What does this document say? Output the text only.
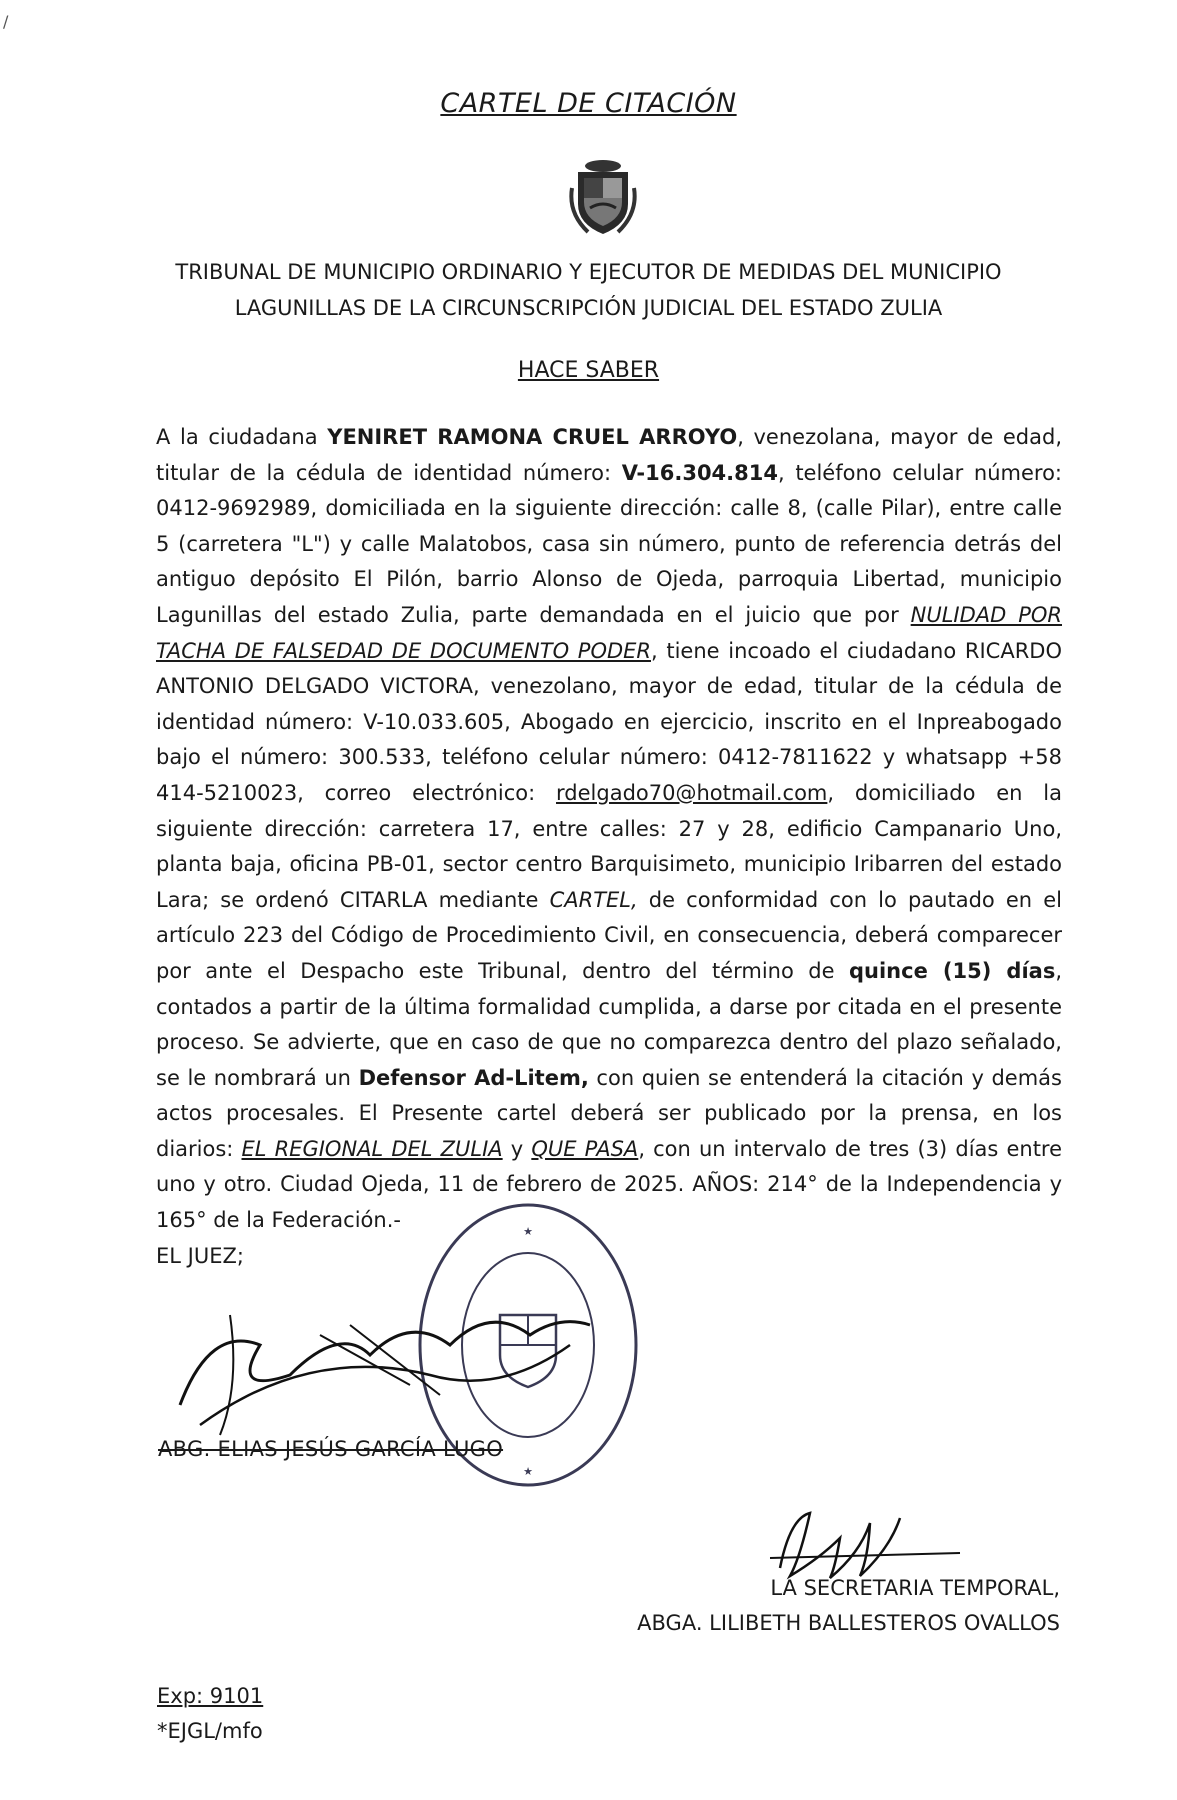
/
CARTEL DE CITACIÓN
TRIBUNAL DE MUNICIPIO ORDINARIO Y EJECUTOR DE MEDIDAS DEL MUNICIPIO
LAGUNILLAS DE LA CIRCUNSCRIPCIÓN JUDICIAL DEL ESTADO ZULIA
HACE SABER
A la ciudadana YENIRET RAMONA CRUEL ARROYO, venezolana, mayor de edad, titular de la cédula de identidad número: V-16.304.814, teléfono celular número: 0412-9692989, domiciliada en la siguiente dirección: calle 8, (calle Pilar), entre calle 5 (carretera "L") y calle Malatobos, casa sin número, punto de referencia detrás del antiguo depósito El Pilón, barrio Alonso de Ojeda, parroquia Libertad, municipio Lagunillas del estado Zulia, parte demandada en el juicio que por NULIDAD POR TACHA DE FALSEDAD DE DOCUMENTO PODER, tiene incoado el ciudadano RICARDO ANTONIO DELGADO VICTORA, venezolano, mayor de edad, titular de la cédula de identidad número: V-10.033.605, Abogado en ejercicio, inscrito en el Inpreabogado bajo el número: 300.533, teléfono celular número: 0412-7811622 y whatsapp +58 414-5210023, correo electrónico: rdelgado70@hotmail.com, domiciliado en la siguiente dirección: carretera 17, entre calles: 27 y 28, edificio Campanario Uno, planta baja, oficina PB-01, sector centro Barquisimeto, municipio Iribarren del estado Lara; se ordenó CITARLA mediante CARTEL, de conformidad con lo pautado en el artículo 223 del Código de Procedimiento Civil, en consecuencia, deberá comparecer por ante el Despacho este Tribunal, dentro del término de quince (15) días, contados a partir de la última formalidad cumplida, a darse por citada en el presente proceso. Se advierte, que en caso de que no comparezca dentro del plazo señalado, se le nombrará un Defensor Ad-Litem, con quien se entenderá la citación y demás actos procesales. El Presente cartel deberá ser publicado por la prensa, en los diarios: EL REGIONAL DEL ZULIA y QUE PASA, con un intervalo de tres (3) días entre uno y otro. Ciudad Ojeda, 11 de febrero de 2025. AÑOS: 214° de la Independencia y 165° de la Federación.-
EL JUEZ;
★
★
ABG. ELIAS JESÚS GARCÍA LUGO
LA SECRETARIA TEMPORAL,
ABGA. LILIBETH BALLESTEROS OVALLOS
Exp: 9101
*EJGL/mfo
